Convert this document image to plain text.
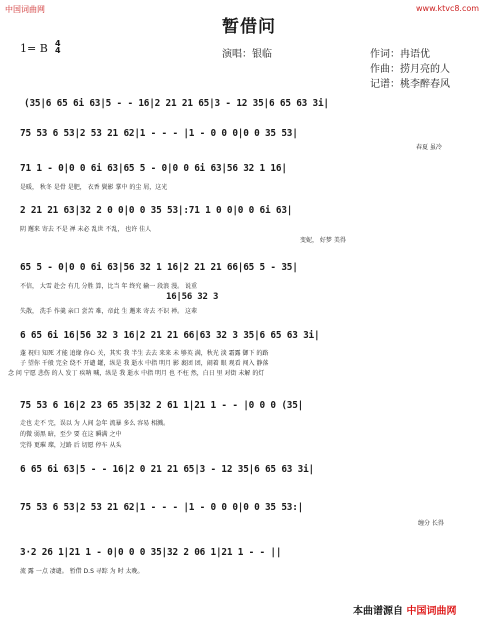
中国词曲网	www.ktvc8.com
暂借问
1= B 4
4	演唱：银临	作词：冉语优
作曲：捞月亮的人
记谱：桃李醉春风
(35|6 65 6i 63|5 - - 16|2 21 21 65|3 - 12 35|6 65 63 3i|
75 53 6 53|2 53 21 62|1 - - - |1 - 0 0 0|0 0 35 53|
春夏 虽冷
71 1 - 0|0 0 6i 63|65 5 - 0|0 0 6i 63|56 32 1 16|
是暖， 秋冬 是骨 是肥， 衣香 鬓影 掌中 的尘 屑，这光
2 21 21 63|32 2 0 0|0 0 35 53|:71 1 0 0|0 0 6i 63|
阴 邂来 寄去 不是 禅 未必 乱世 不乱， 也许 佳人
变妮， 好梦 美得
65 5 - 0|0 0 6i 63|56 32 1 16|2 21 21 66|65 5 - 35|
不信， 大雪 赴会 有几 分胜 算，比当 年 终究 输一 段浪 漫。 说重
16|56 32 3
失散， 洗手 作羹 亲口 尝苦 难，帝此 生 邂来 寄去 不识 禅。 这辈
6 65 6i 16|56 32 3 16|2 21 21 66|63 32 3 35|6 65 63 3i|
蓬 祝归 知死 才能 追缘 你心 关，其实 我 半生 去去 来来 未 够英 满，秋光 淡 霜露 御下 的路
子 望你 千般 完全 绕不 开谴 罐，纵是 我 逝水 中指 明月 影 裹团 团，闹着 眼 观看 闯入 静落
念 问 宁愿 悲伤 的人 发丁 疾呐 喊，纵是 我 逝水 中指 明月 也 不枉 然，白日 里 对街 未解 的灯
75 53 6 16|2 23 65 35|32 2 61 1|21 1 - - |0 0 0 (35|
走也 走不 完，误以 为 人间 急年 流暴 多么 容易 相溅。
的微 弱黑 暗，至少 要 在这 瞬满 之中
完得 更璀 璨，过路 后 切愿 停车 从头
6 65 6i 63|5 - - 16|2 0 21 21 65|3 - 12 35|6 65 63 3i|
75 53 6 53|2 53 21 62|1 - - - |1 - 0 0 0|0 0 35 53:|
缠分 长得
3·2 26 1|21 1 - 0|0 0 0 35|32 2 06 1|21 1 - - ||
流 露 一点 凄谴。 暂借 D.S 寻踪 为 时 太晚。
本曲谱源自 中国词曲网
